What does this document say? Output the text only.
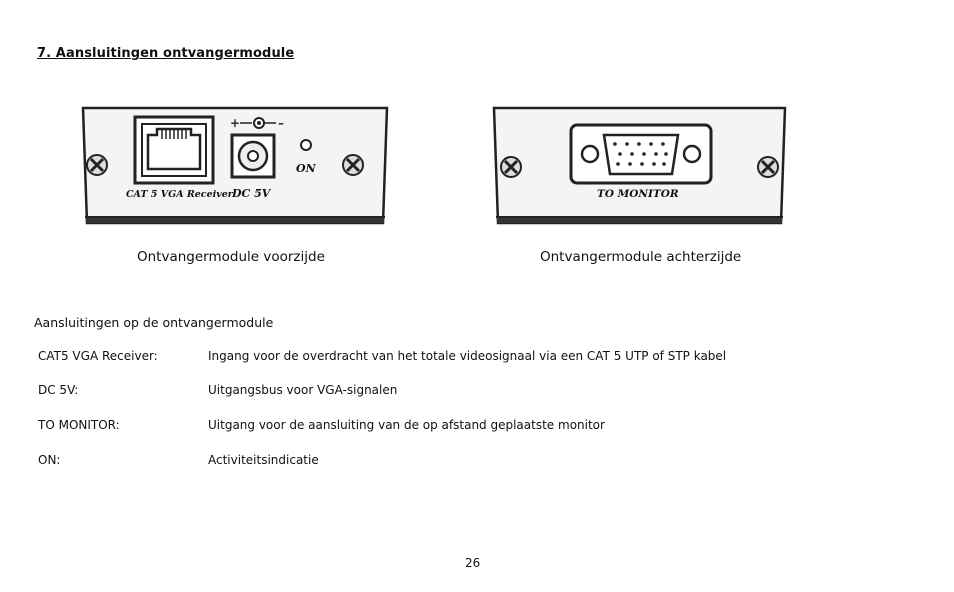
7. Aansluitingen ontvangermodule
+	–
CAT 5 VGA Receiver DC 5V
ON
TO MONITOR
Ontvangermodule voorzijde	Ontvangermodule achterzijde
Aansluitingen op de ontvangermodule
CAT5 VGA Receiver:	Ingang voor de overdracht van het totale videosignaal via een CAT 5 UTP of STP kabel
DC 5V:	Uitgangsbus voor VGA-signalen
TO MONITOR:	Uitgang voor de aansluiting van de op afstand geplaatste monitor
ON:	Activiteitsindicatie
26
